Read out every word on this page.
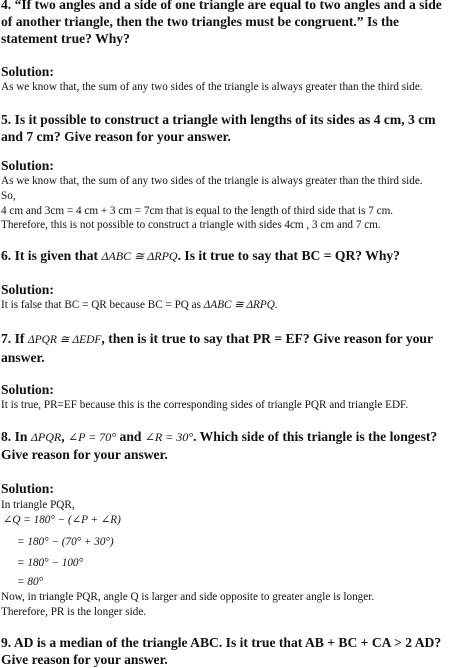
4. “If two angles and a side of one triangle are equal to two angles and a side
of another triangle, then the two triangles must be congruent.” Is the
statement true? Why?
Solution:
As we know that, the sum of any two sides of the triangle is always greater than the third side.
5. Is it possible to construct a triangle with lengths of its sides as 4 cm, 3 cm
and 7 cm? Give reason for your answer.
Solution:
As we know that, the sum of any two sides of the triangle is always greater than the third side.
So,
4 cm and 3cm = 4 cm + 3 cm = 7cm that is equal to the length of third side that is 7 cm.
Therefore, this is not possible to construct a triangle with sides 4cm , 3 cm and 7 cm.
6. It is given that ΔABC ≅ ΔRPQ. Is it true to say that BC = QR? Why?
Solution:
It is false that BC = QR because BC = PQ as ΔABC ≅ ΔRPQ.
7. If ΔPQR ≅ ΔEDF, then is it true to say that PR = EF? Give reason for your
answer.
Solution:
It is true, PR=EF because this is the corresponding sides of triangle PQR and triangle EDF.
8. In ΔPQR, ∠P = 70° and ∠R = 30°. Which side of this triangle is the longest?
Give reason for your answer.
Solution:
In triangle PQR,
∠Q = 180° − (∠P + ∠R)
= 180° − (70° + 30°)
= 180° − 100°
= 80°
Now, in triangle PQR, angle Q is larger and side opposite to greater angle is longer.
Therefore, PR is the longer side.
9. AD is a median of the triangle ABC. Is it true that AB + BC + CA > 2 AD?
Give reason for your answer.
